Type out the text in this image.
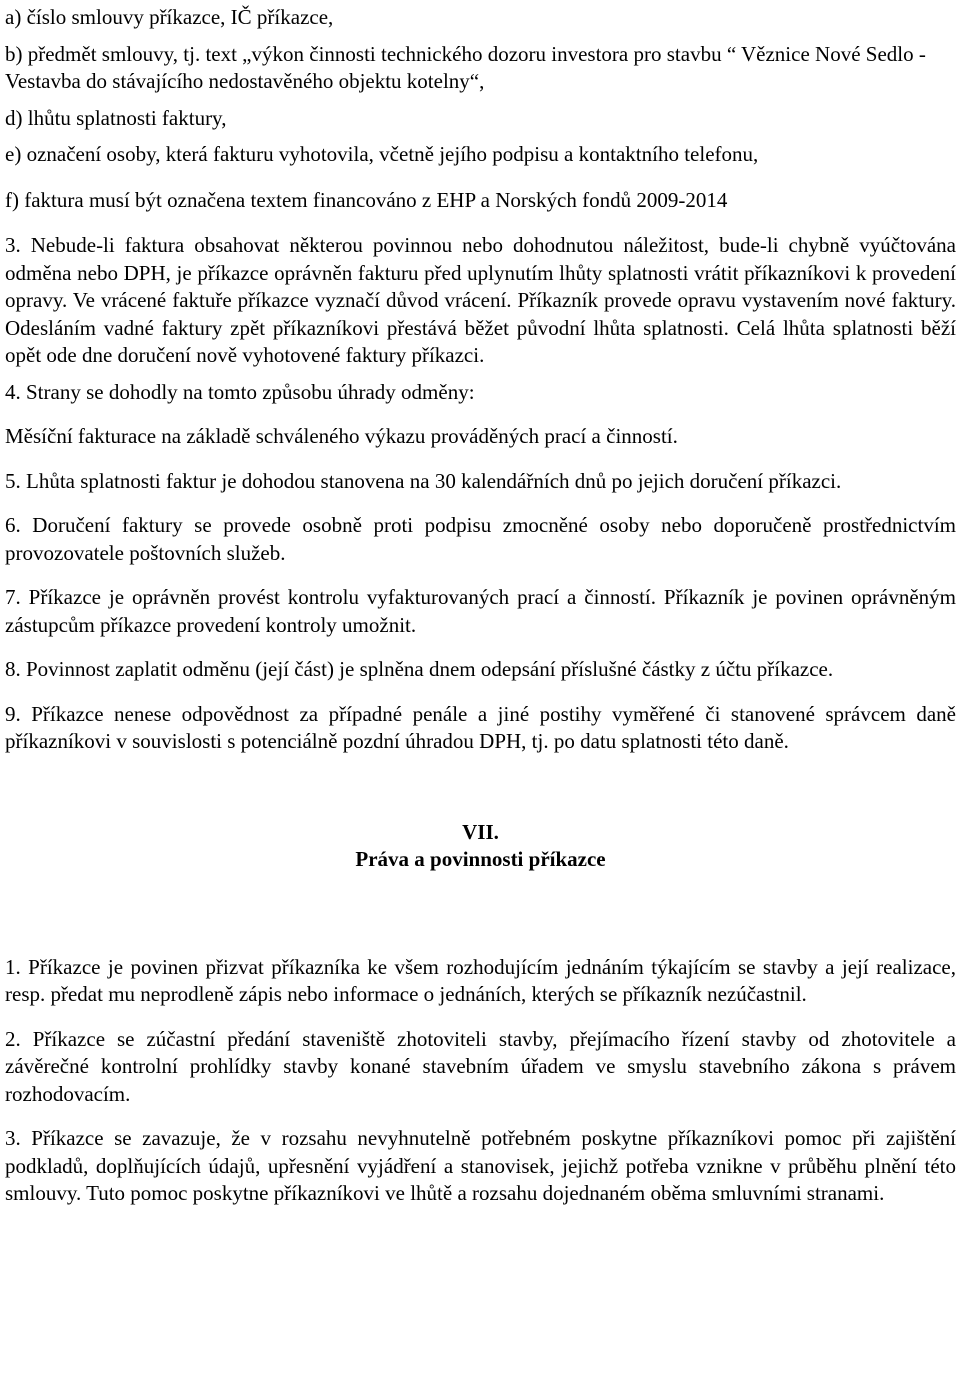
a) číslo smlouvy příkazce, IČ příkazce,

b) předmět smlouvy, tj. text „výkon činnosti technického dozoru investora pro stavbu “ Věznice Nové Sedlo - Vestavba do stávajícího nedostavěného objektu kotelny“,

d) lhůtu splatnosti faktury,

e) označení osoby, která fakturu vyhotovila, včetně jejího podpisu a kontaktního telefonu,

f) faktura musí být označena textem financováno z EHP a Norských fondů 2009-2014

3. Nebude-li faktura obsahovat některou povinnou nebo dohodnutou náležitost, bude-li chybně vyúčtována odměna nebo DPH, je příkazce oprávněn fakturu před uplynutím lhůty splatnosti vrátit příkazníkovi k provedení opravy. Ve vrácené faktuře příkazce vyznačí důvod vrácení. Příkazník provede opravu vystavením nové faktury. Odesláním vadné faktury zpět příkazníkovi přestává běžet původní lhůta splatnosti. Celá lhůta splatnosti běží opět ode dne doručení nově vyhotovené faktury příkazci.

4. Strany se dohodly na tomto způsobu úhrady odměny:

Měsíční fakturace na základě schváleného výkazu prováděných prací a činností.

5. Lhůta splatnosti faktur je dohodou stanovena na 30 kalendářních dnů po jejich doručení příkazci.

6. Doručení faktury se provede osobně proti podpisu zmocněné osoby nebo doporučeně prostřednictvím provozovatele poštovních služeb.

7. Příkazce je oprávněn provést kontrolu vyfakturovaných prací a činností. Příkazník je povinen oprávněným zástupcům příkazce provedení kontroly umožnit.

8. Povinnost zaplatit odměnu (její část) je splněna dnem odepsání příslušné částky z účtu příkazce.

9. Příkazce nenese odpovědnost za případné penále a jiné postihy vyměřené či stanovené správcem daně příkazníkovi v souvislosti s potenciálně pozdní úhradou DPH, tj. po datu splatnosti této daně.

VII.

Práva a povinnosti příkazce

1. Příkazce je povinen přizvat příkazníka ke všem rozhodujícím jednáním týkajícím se stavby a její realizace, resp. předat mu neprodleně zápis nebo informace o jednáních, kterých se příkazník nezúčastnil.

2. Příkazce se zúčastní předání staveniště zhotoviteli stavby, přejímacího řízení stavby od zhotovitele a závěrečné kontrolní prohlídky stavby konané stavebním úřadem ve smyslu stavebního zákona s právem rozhodovacím.

3. Příkazce se zavazuje, že v rozsahu nevyhnutelně potřebném poskytne příkazníkovi pomoc při zajištění podkladů, doplňujících údajů, upřesnění vyjádření a stanovisek, jejichž potřeba vznikne v průběhu plnění této smlouvy. Tuto pomoc poskytne příkazníkovi ve lhůtě a rozsahu dojednaném oběma smluvními stranami.
